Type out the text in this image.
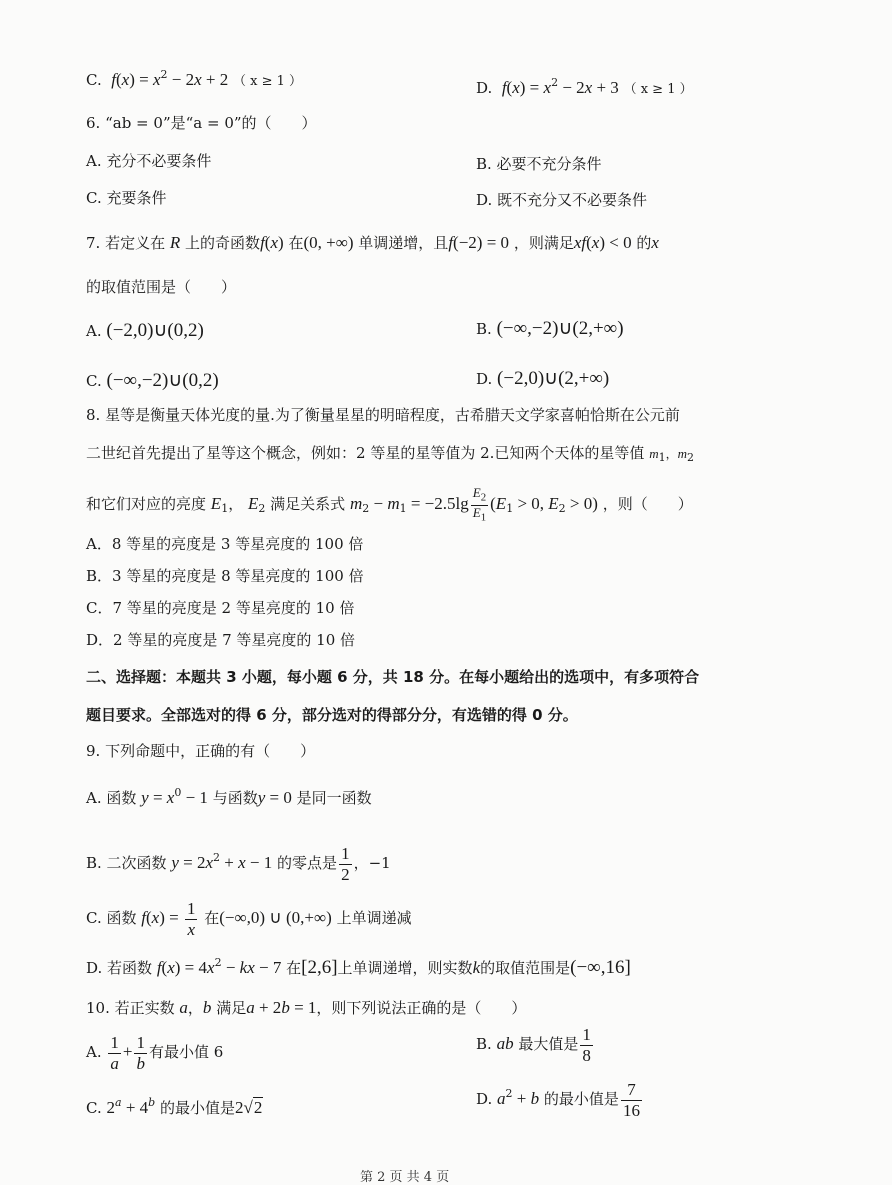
C. $f(x) = x^2 - 2x + 2$ （ x ≥ 1 ）	D. $f(x) = x^2 - 2x + 3$ （ x ≥ 1 ）
6. “ab = 0”是“a = 0”的（　　）
A. 充分不必要条件	B. 必要不充分条件
C. 充要条件	D. 既不充分又不必要条件
7. 若定义在 R 上的奇函数f(x) 在(0, +∞) 单调递增，且f(−2) = 0 ，则满足xf(x) < 0 的x
的取值范围是（　　）
A. (−2,0)∪(0,2)	B. (−∞,−2)∪(2,+∞)
C. (−∞,−2)∪(0,2)	D. (−2,0)∪(2,+∞)
8. 星等是衡量天体光度的量.为了衡量星星的明暗程度，古希腊天文学家喜帕恰斯在公元前
二世纪首先提出了星等这个概念，例如：2 等星的星等值为 2.已知两个天体的星等值 $m_1$，$m_2$
和它们对应的亮度 $E_1$， $E_2$ 满足关系式 $m_2 - m_1 = -2.5\lg \frac{E_2}{E_1} (E_1 > 0$, $E_2 > 0$) ，则（　　）
A．8 等星的亮度是 3 等星亮度的 100 倍
B．3 等星的亮度是 8 等星亮度的 100 倍
C．7 等星的亮度是 2 等星亮度的 10 倍
D．2 等星的亮度是 7 等星亮度的 10 倍
二、选择题：本题共 3 小题，每小题 6 分，共 18 分。在每小题给出的选项中，有多项符合
题目要求。全部选对的得 6 分，部分选对的得部分分，有选错的得 0 分。
9. 下列命题中，正确的有（　　）
A. 函数 $y = x^0 - 1$ 与函数y = 0 是同一函数
B. 二次函数 $y = 2x^2 + x - 1$ 的零点是 $\frac{1}{2}$ ，−1
C. 函数 $f(x) = \frac{1}{x}$ 在(−∞,0) ∪ (0,+∞) 上单调递减
D. 若函数 $f(x) = 4x^2$ − kx − 7 在[2,6]上单调递增，则实数k的取值范围是(−∞,16]
10. 若正实数 a，b 满足a + 2b = 1，则下列说法正确的是（　　）
A. $\frac{1}{a} + \frac{1}{b}$ 有最小值 6	B. ab 最大值是 $\frac{1}{8}$
C. $2^a + 4^b$ 的最小值是2√2	D. $a^2 + b$ 的最小值是 $\frac{7}{16}$
第 2 页 共 4 页
